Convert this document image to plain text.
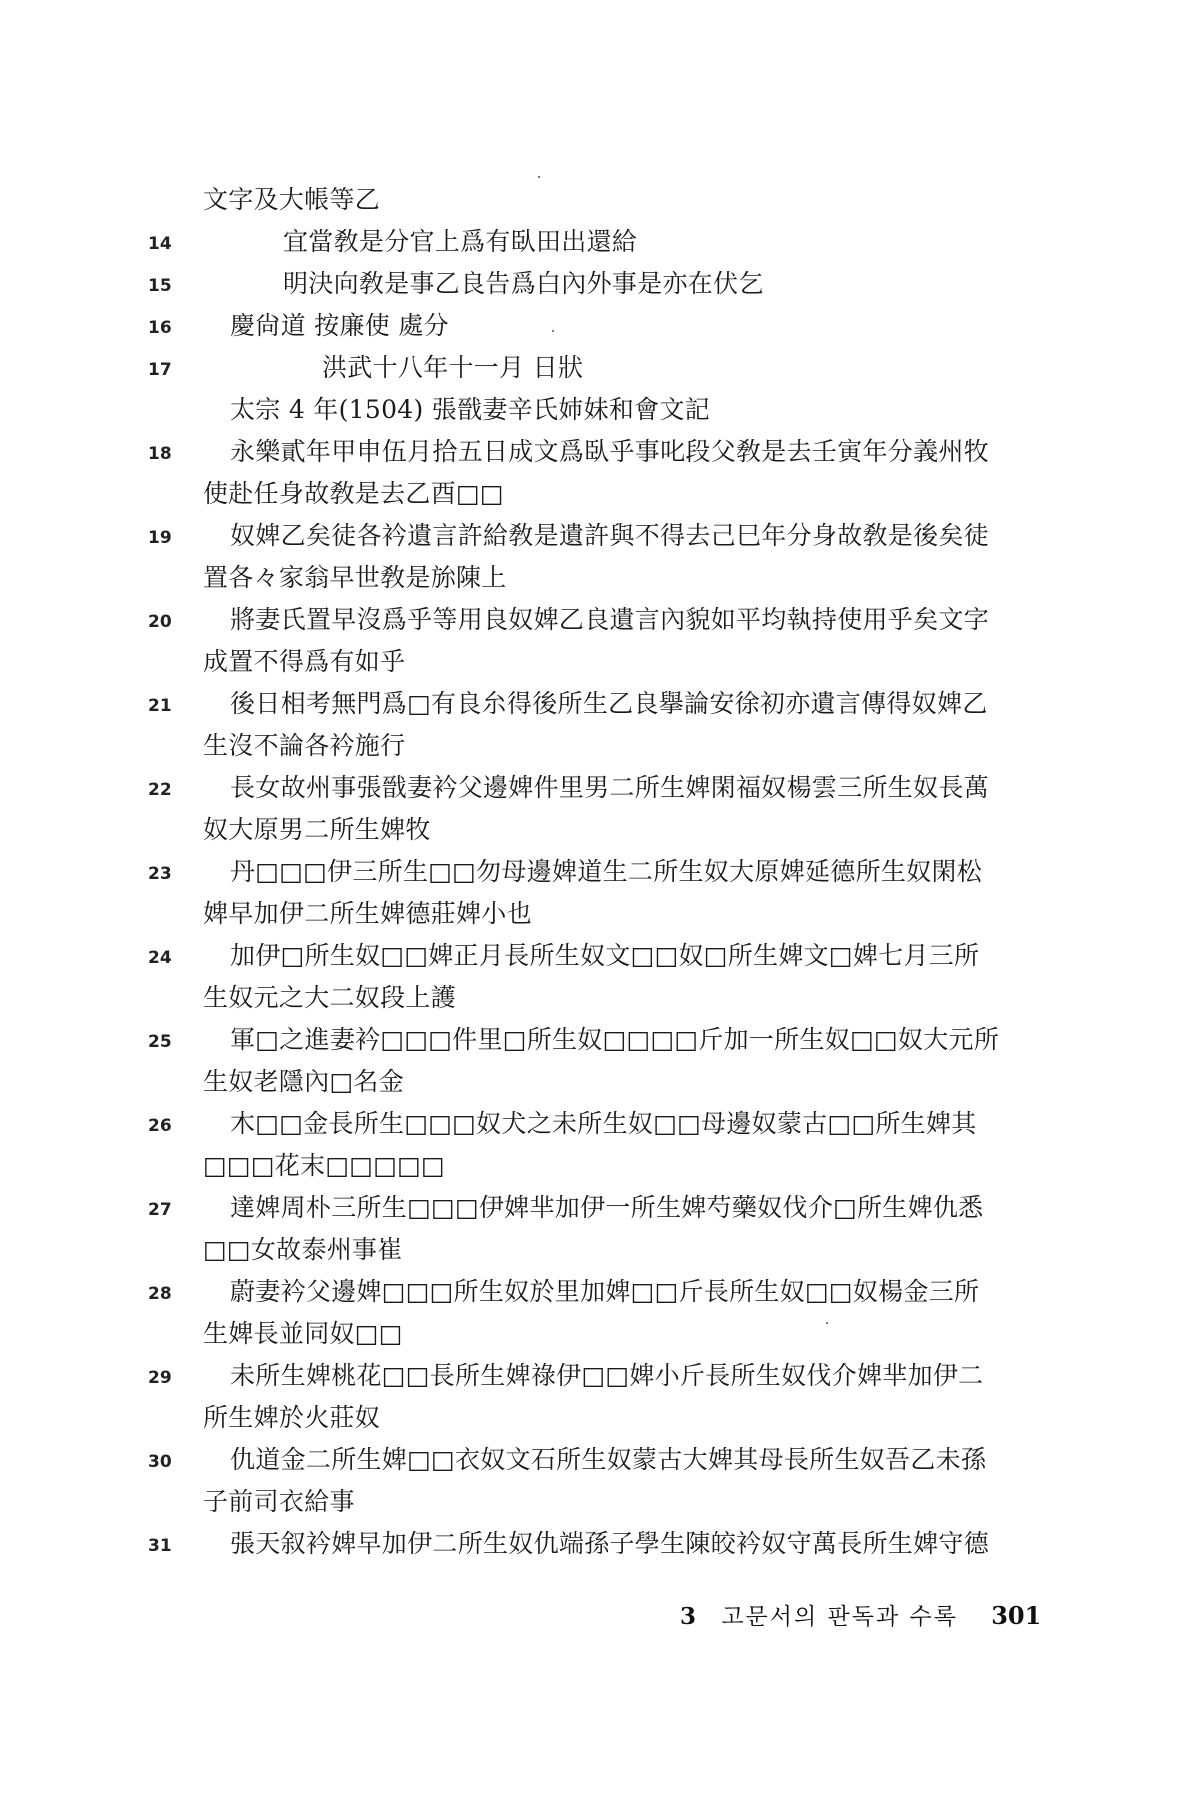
文字及大帳等乙
14	宜當敎是分官上爲有臥田出還給
15	明決向敎是事乙良告爲白內外事是亦在伏乞
16 慶尙道 按廉使 處分
17	洪武十八年十一月 日狀
太宗 4 年(1504) 張戩妻辛氏姉妹和會文記
18 永樂貳年甲申伍月拾五日成文爲臥乎事叱段父敎是去壬寅年分義州牧
使赴任身故敎是去乙酉□□
19 奴婢乙矣徒各衿遺言許給敎是遺許與不得去己巳年分身故敎是後矣徒
置各々家翁早世敎是旀陳上
20 將妻氏置早沒爲乎等用良奴婢乙良遺言內貌如平均執持使用乎矣文字
成置不得爲有如乎
21 後日相考無門爲□有良厼得後所生乙良擧論安徐初亦遺言傳得奴婢乙
生沒不論各衿施行
22 長女故州事張戩妻衿父邊婢件里男二所生婢閑福奴楊雲三所生奴長萬
奴大原男二所生婢牧
23 丹□□□伊三所生□□勿母邊婢道生二所生奴大原婢延德所生奴閑松
婢早加伊二所生婢德莊婢小也
24 加伊□所生奴□□婢正月長所生奴文□□奴□所生婢文□婢七月三所
生奴元之大二奴段上護
25 軍□之進妻衿□□□件里□所生奴□□□□斤加一所生奴□□奴大元所
生奴老隱內□名金
26 木□□金長所生□□□奴犬之未所生奴□□母邊奴蒙古□□所生婢其
□□□花末□□□□□
27 達婢周朴三所生□□□伊婢芈加伊一所生婢芍藥奴伐介□所生婢仇悉
□□女故泰州事崔
28 蔚妻衿父邊婢□□□所生奴於里加婢□□斤長所生奴□□奴楊金三所
生婢長並同奴□□
29 未所生婢桃花□□長所生婢祿伊□□婢小斤長所生奴伐介婢芈加伊二
所生婢於火莊奴
30 仇道金二所生婢□□衣奴文石所生奴蒙古大婢其母長所生奴吾乙未孫
子前司衣給事
31 張天叙衿婢早加伊二所生奴仇端孫子學生陳皎衿奴守萬長所生婢守德
3 고문서의 판독과 수록 301
